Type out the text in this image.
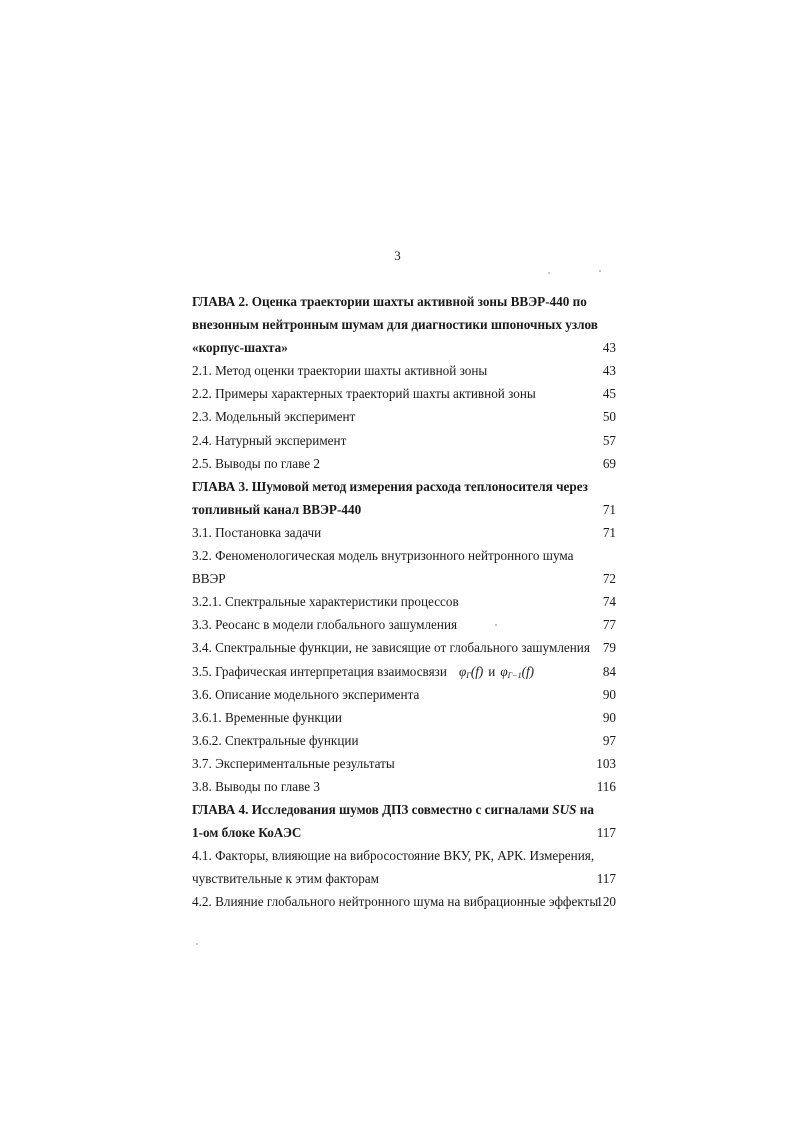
3
ГЛАВА 2. Оценка траектории шахты активной зоны ВВЭР-440 по
внезонным нейтронным шумам для диагностики шпоночных узлов
«корпус-шахта»	43
2.1. Метод оценки траектории шахты активной зоны	43
2.2. Примеры характерных траекторий шахты активной зоны	45
2.3. Модельный эксперимент	50
2.4. Натурный эксперимент	57
2.5. Выводы по главе 2	69
ГЛАВА 3. Шумовой метод измерения расхода теплоносителя через
топливный канал ВВЭР-440	71
3.1. Постановка задачи	71
3.2. Феноменологическая модель внутризонного нейтронного шума
ВВЭР	72
3.2.1. Спектральные характеристики процессов	74
3.3. Реосанс в модели глобального зашумления	77
3.4. Спектральные функции, не зависящие от глобального зашумления 79
3.5. Графическая интерпретация взаимосвязи $\varphi_\Gamma(f)$ и $\varphi_{\Gamma-1}(f)$	84
3.6. Описание модельного эксперимента	90
3.6.1. Временные функции	90
3.6.2. Спектральные функции	97
3.7. Экспериментальные результаты	103
3.8. Выводы по главе 3	116
ГЛАВА 4. Исследования шумов ДПЗ совместно с сигналами SUS на
1-ом блоке КоАЭС	117
4.1. Факторы, влияющие на вибросостояние ВКУ, РК, АРК. Измерения,
чувствительные к этим факторам	117
4.2. Влияние глобального нейтронного шума на вибрационные эффекты
120
